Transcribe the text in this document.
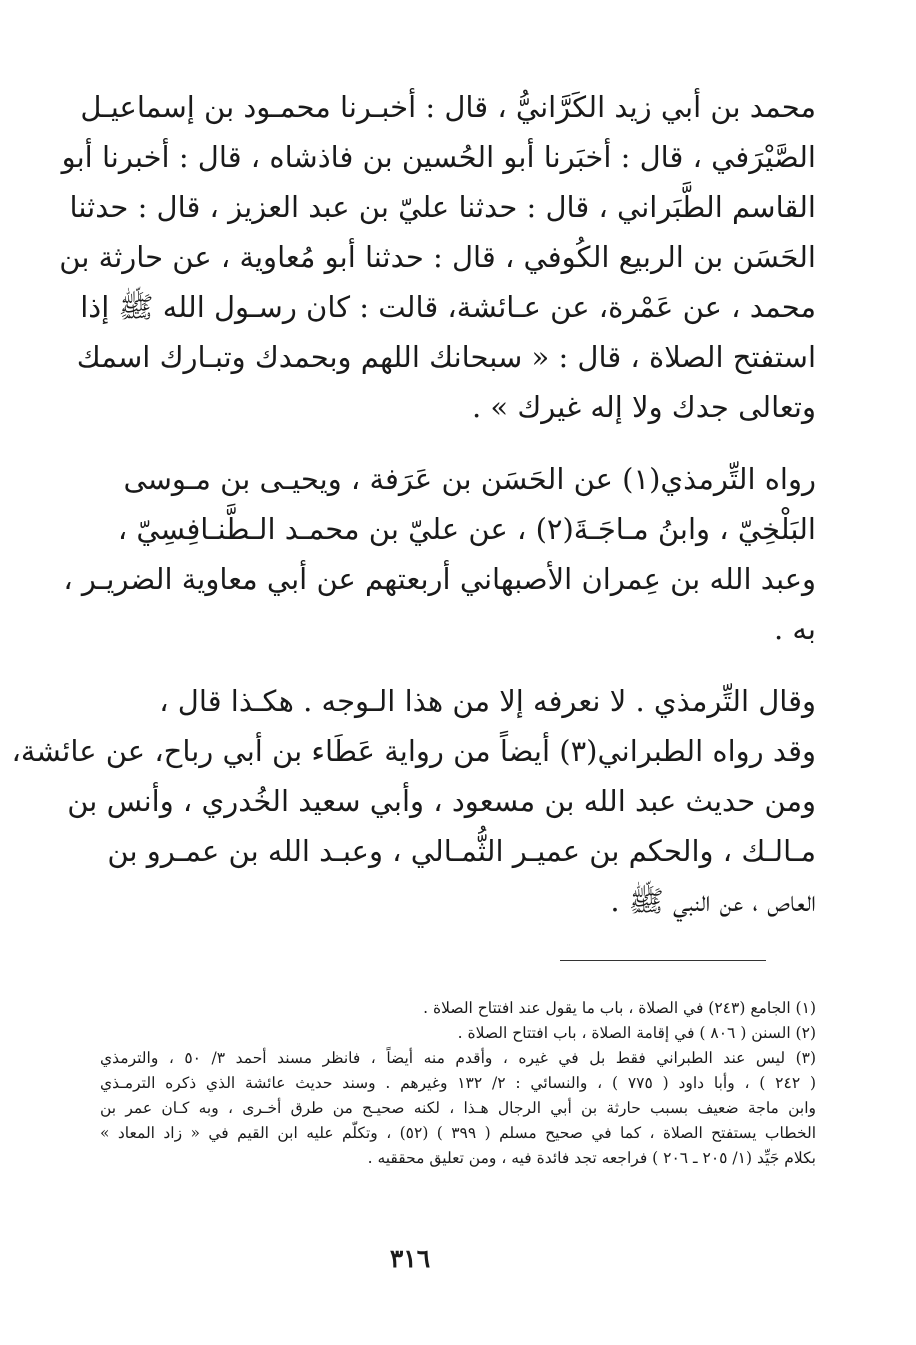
محمد بن أبي زيد الكَرَّانيُّ ، قال : أخبـرنا محمـود بن إسماعيـل
الصَّيْرَفي ، قال : أخبَرنا أبو الحُسين بن فاذشاه ، قال : أخبرنا أبو
القاسم الطَّبَراني ، قال : حدثنا عليّ بن عبد العزيز ، قال : حدثنا
الحَسَن بن الربيع الكُوفي ، قال : حدثنا أبو مُعاوية ، عن حارثة بن
محمد ، عن عَمْرة، عن عـائشة، قالت : كان رسـول الله ﷺ إذا
استفتح الصلاة ، قال : « سبحانك اللهم وبحمدك وتبـارك اسمك
وتعالى جدك ولا إله غيرك » .

رواه التِّرمذي(١) عن الحَسَن بن عَرَفة ، ويحيـى بن مـوسى
البَلْخِيّ ، وابنُ مـاجَـةَ(٢) ، عن عليّ بن محمـد الـطَّنـافِسِيّ ،
وعبد الله بن عِمران الأصبهاني أربعتهم عن أبي معاوية الضريـر ،
به .

وقال التِّرمذي . لا نعرفه إلا من هذا الـوجه . هكـذا قال ،
وقد رواه الطبراني(٣) أيضاً من رواية عَطَاء بن أبي رباح، عن عائشة،
ومن حديث عبد الله بن مسعود ، وأبي سعيد الخُدري ، وأنس بن
مـالـك ، والحكم بن عميـر الثُّمـالي ، وعبـد الله بن عمـرو بن
العاص ، عن النبي ﷺ .

(١) الجامع (٢٤٣) في الصلاة ، باب ما يقول عند افتتاح الصلاة .

(٢) السنن ( ٨٠٦ ) في إقامة الصلاة ، باب افتتاح الصلاة .

(٣) ليس عند الطبراني فقط بل في غيره ، وأقدم منه أيضاً ، فانظر مسند أحمد ٣/ ٥٠ ، والترمذي
( ٢٤٢ ) ، وأبا داود ( ٧٧٥ ) ، والنسائي : ٢/ ١٣٢ وغيرهم . وسند حديث عائشة الذي ذكره الترمـذي
وابن ماجة ضعيف بسبب حارثة بن أبي الرجال هـذا ، لكنه صحيـح من طرق أخـرى ، وبه كـان عمر بن
الخطاب يستفتح الصلاة ، كما في صحيح مسلم ( ٣٩٩ ) (٥٢) ، وتكلّم عليه ابن القيم في « زاد المعاد »
بكلام جَيِّد (١/ ٢٠٥ ـ ٢٠٦ ) فراجعه تجد فائدة فيه ، ومن تعليق محققيه .

٣١٦
